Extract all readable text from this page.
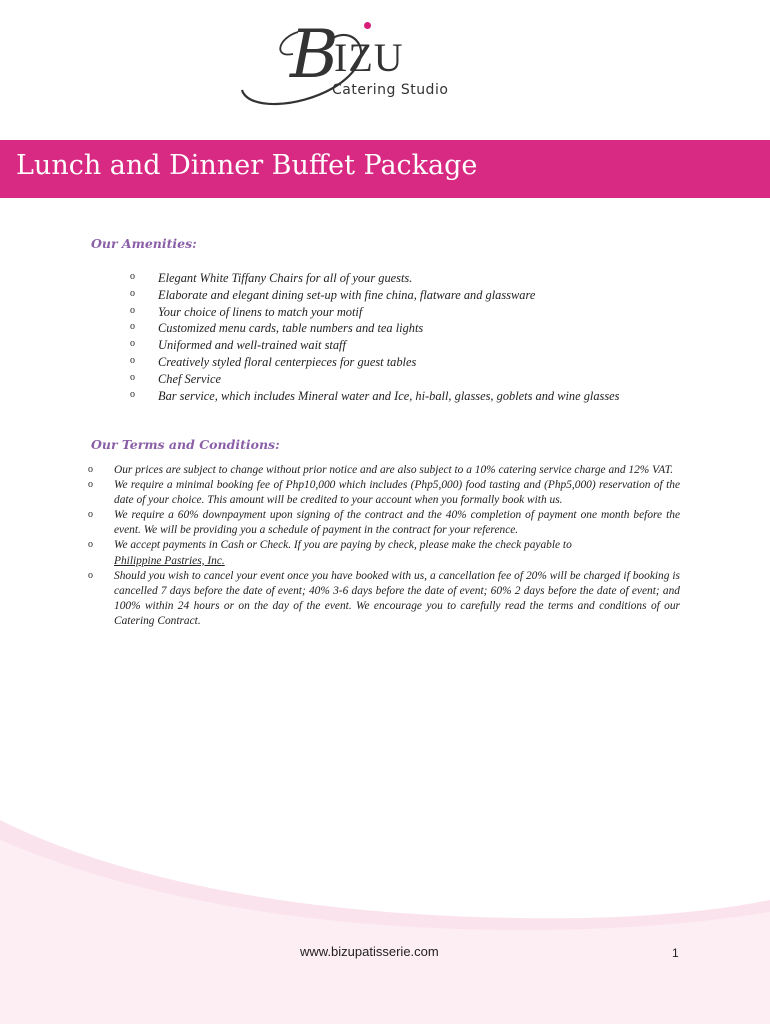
B
IZU
Catering Studio
Lunch and Dinner Buffet Package
Our Amenities:
o Elegant White Tiffany Chairs for all of your guests.
o Elaborate and elegant dining set-up with fine china, flatware and glassware
o Your choice of linens to match your motif
o Customized menu cards, table numbers and tea lights
o Uniformed and well-trained wait staff
o Creatively styled floral centerpieces for guest tables
o Chef Service
o Bar service, which includes Mineral water and Ice, hi-ball, glasses, goblets and wine glasses
Our Terms and Conditions:
o Our prices are subject to change without prior notice and are also subject to a 10% catering service charge and 12% VAT.
o We require a minimal booking fee of Php10,000 which includes (Php5,000) food tasting and (Php5,000) reservation of the date of your choice. This amount will be credited to your account when you formally book with us.
o We require a 60% downpayment upon signing of the contract and the 40% completion of payment one month before the event. We will be providing you a schedule of payment in the contract for your reference.
o We accept payments in Cash or Check. If you are paying by check, please make the check payable to
Philippine Pastries, Inc.
o Should you wish to cancel your event once you have booked with us, a cancellation fee of 20% will be charged if booking is cancelled 7 days before the date of event; 40% 3-6 days before the date of event; 60% 2 days before the date of event; and 100% within 24 hours or on the day of the event. We encourage you to carefully read the terms and conditions of our Catering Contract.
www.bizupatisserie.com	1
